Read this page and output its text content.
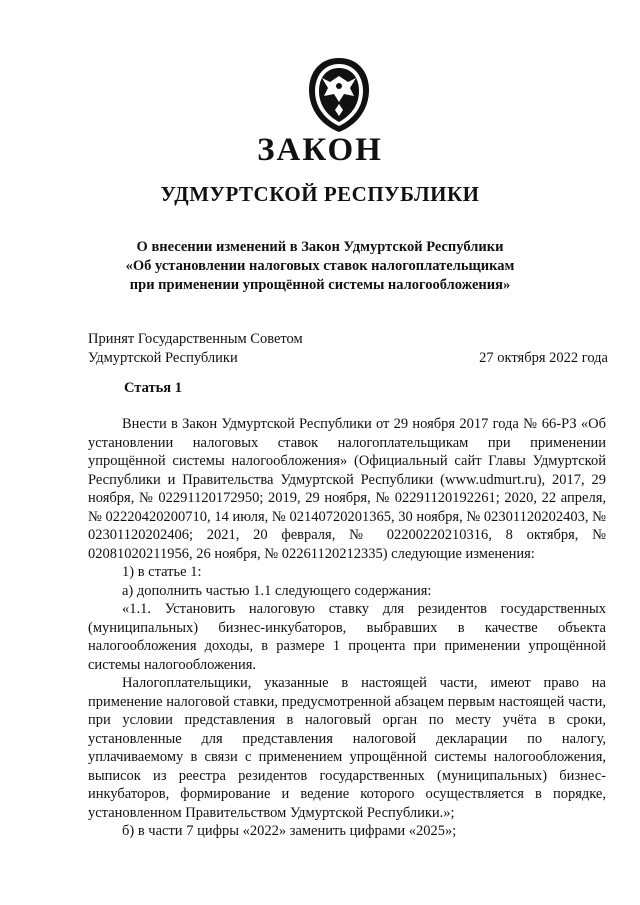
ЗАКОН
УДМУРТСКОЙ РЕСПУБЛИКИ
О внесении изменений в Закон Удмуртской Республики
«Об установлении налоговых ставок налогоплательщикам
при применении упрощённой системы налогообложения»
Принят Государственным Советом
Удмуртской Республики	27 октября 2022 года
Статья 1

Внести в Закон Удмуртской Республики от 29 ноября 2017 года № 66-РЗ «Об установлении налоговых ставок налогоплательщикам при применении упрощённой системы налогообложения» (Официальный сайт Главы Удмуртской Республики и Правительства Удмуртской Республики (www.udmurt.ru), 2017, 29 ноября, № 02291120172950; 2019, 29 ноября, № 02291120192261; 2020, 22 апреля, № 02220420200710, 14 июля, № 02140720201365, 30 ноября, № 02301120202403, № 02301120202406; 2021, 20 февраля, № 02200220210316, 8 октября, № 02081020211956, 26 ноября, № 02261120212335) следующие изменения:

1) в статье 1:

а) дополнить частью 1.1 следующего содержания:

«1.1. Установить налоговую ставку для резидентов государственных (муниципальных) бизнес-инкубаторов, выбравших в качестве объекта налогообложения доходы, в размере 1 процента при применении упрощённой системы налогообложения.

Налогоплательщики, указанные в настоящей части, имеют право на применение налоговой ставки, предусмотренной абзацем первым настоящей части, при условии представления в налоговый орган по месту учёта в сроки, установленные для представления налоговой декларации по налогу, уплачиваемому в связи с применением упрощённой системы налогообложения, выписок из реестра резидентов государственных (муниципальных) бизнес-инкубаторов, формирование и ведение которого осуществляется в порядке, установленном Правительством Удмуртской Республики.»;

б) в части 7 цифры «2022» заменить цифрами «2025»;
